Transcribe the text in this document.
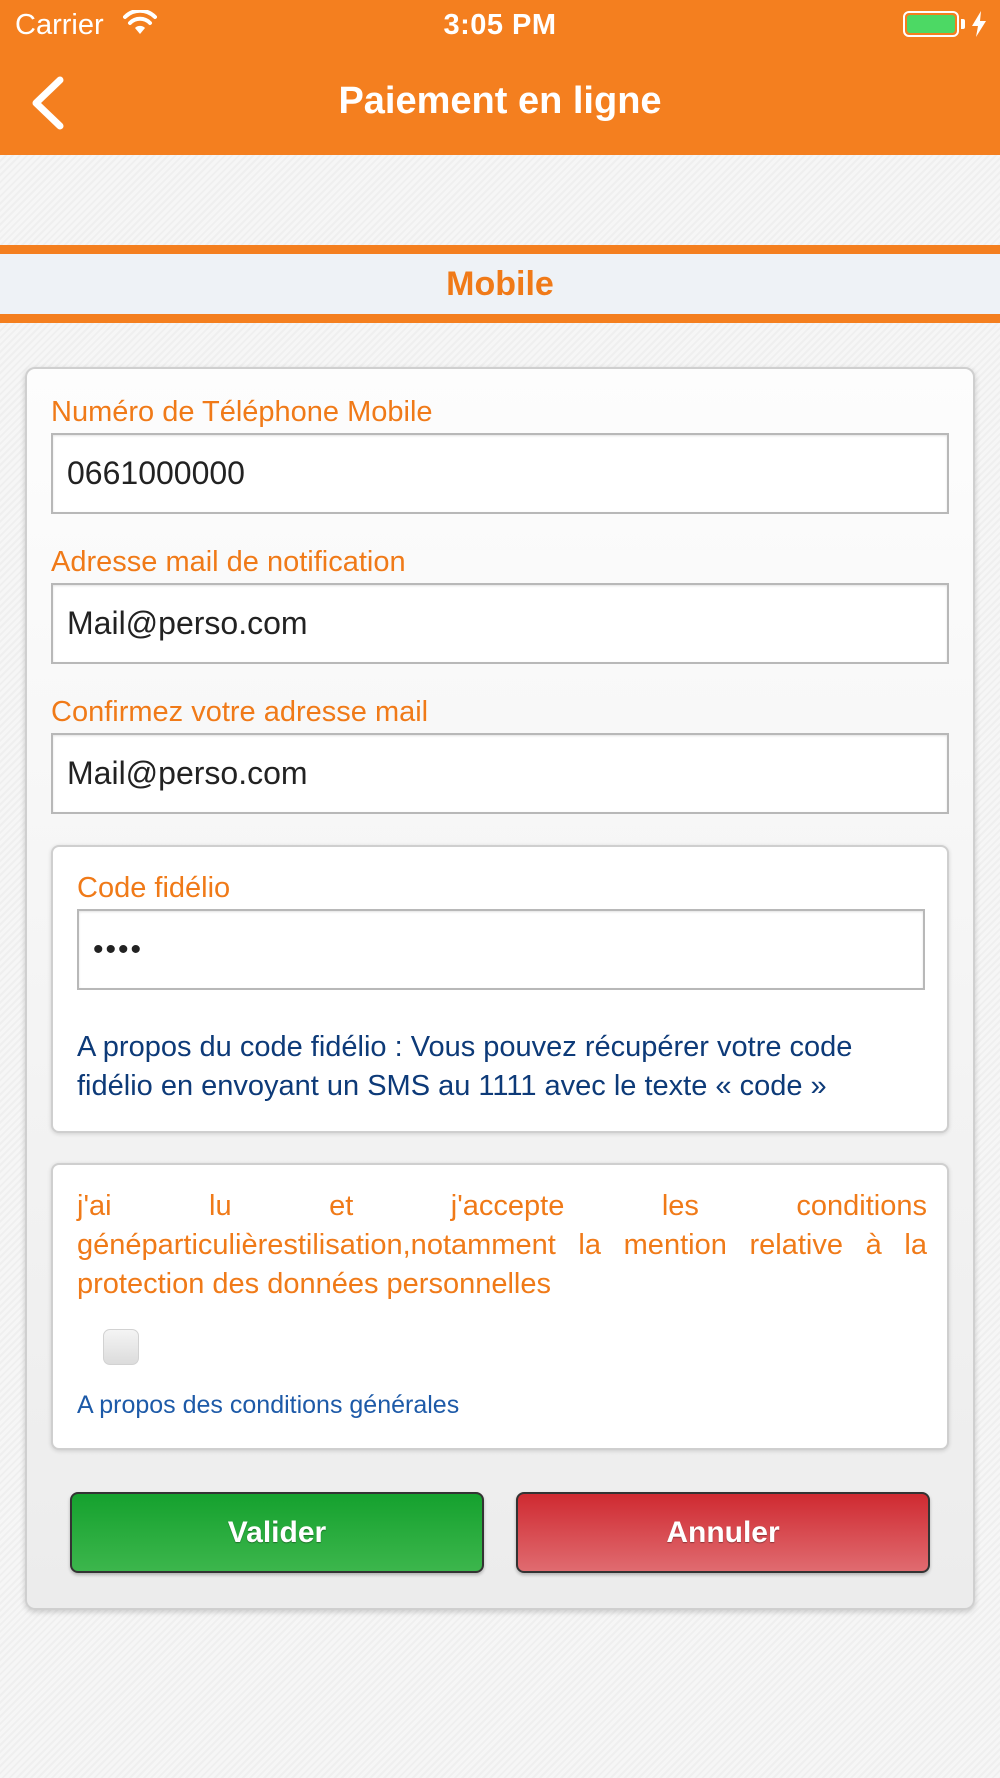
Carrier	3:05 PM
Paiement en ligne
Mobile
Numéro de Téléphone Mobile
0661000000
Adresse mail de notification
Mail@perso.com
Confirmez votre adresse mail
Mail@perso.com
Code fidélio
••••
A propos du code fidélio : Vous pouvez récupérer votre code fidélio en envoyant un SMS au 1111 avec le texte « code »
j'ai lu et j'accepte les conditions généparticulièrestilisation,notamment la mention relative à la protection des données personnelles
A propos des conditions générales
Valider	Annuler
